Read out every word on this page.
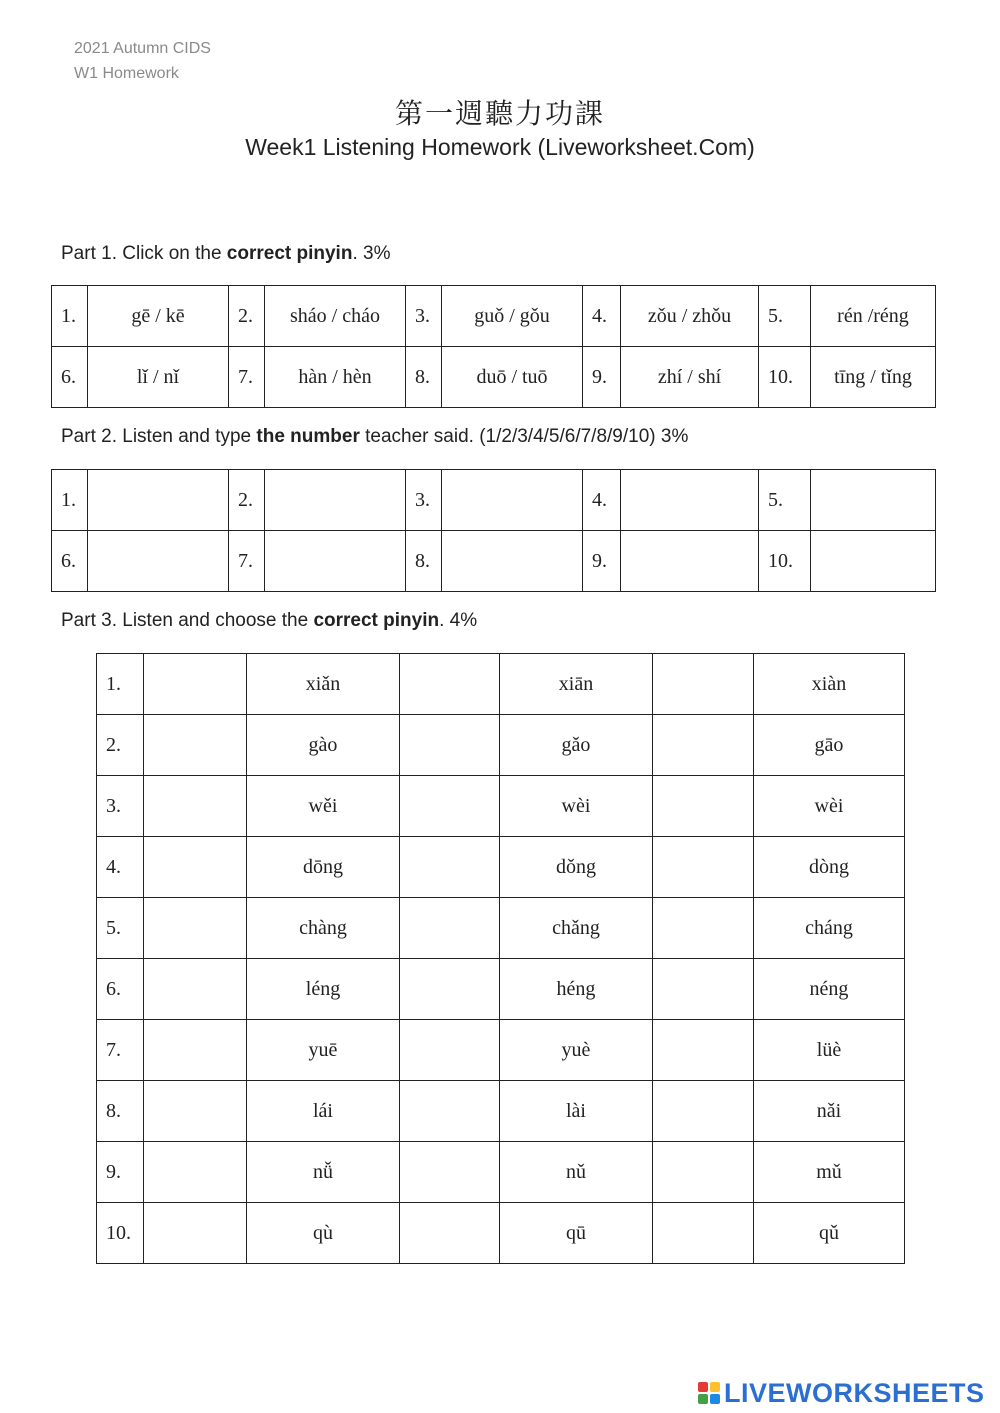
2021 Autumn CIDS
W1 Homework
第一週聽力功課
Week1 Listening Homework (Liveworksheet.Com)
Part 1. Click on the correct pinyin. 3%
1.	gē / kē	2.	sháo / cháo	3.	guǒ / gǒu	4.	zǒu / zhǒu	5.	rén /réng
6.	lǐ / nǐ	7.	hàn / hèn	8.	duō / tuō	9.	zhí / shí	10.	tīng / tǐng
Part 2. Listen and type the number teacher said. (1/2/3/4/5/6/7/8/9/10) 3%
1.		2.		3.		4.		5.	
6.		7.		8.		9.		10.	
Part 3. Listen and choose the correct pinyin. 4%
1.		xiǎn		xiān		xiàn
2.		gào		gǎo		gāo
3.		wěi		wèi		wèi
4.		dōng		dǒng		dòng
5.		chàng		chǎng		cháng
6.		léng		héng		néng
7.		yuē		yuè		lüè
8.		lái		lài		nǎi
9.		nǚ		nǔ		mǔ
10.		qù		qū		qǔ
LIVEWORKSHEETS
